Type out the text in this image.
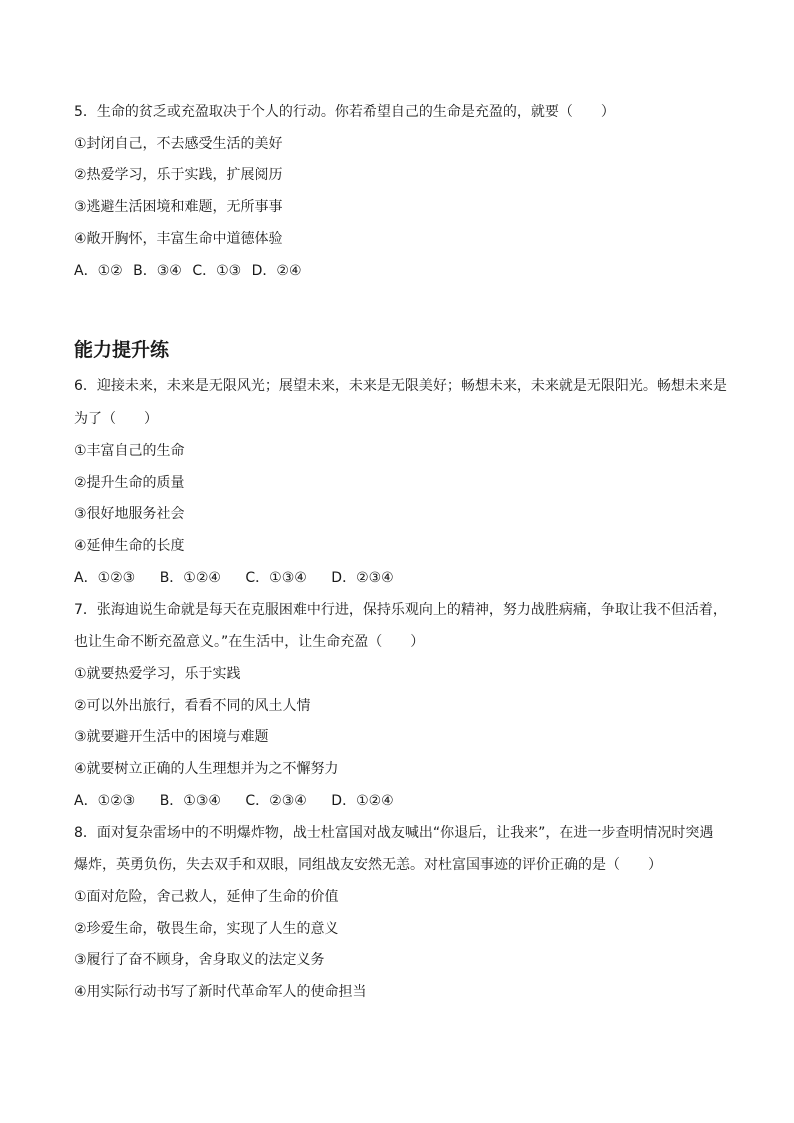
5．生命的贫乏或充盈取决于个人的行动。你若希望自己的生命是充盈的，就要（　　）
①封闭自己，不去感受生活的美好
②热爱学习，乐于实践，扩展阅历
③逃避生活困境和难题，无所事事
④敞开胸怀，丰富生命中道德体验
A．①② B．③④ C．①③ D．②④
能力提升练
6．迎接未来，未来是无限风光；展望未来，未来是无限美好；畅想未来，未来就是无限阳光。畅想未来是
为了（　　）
①丰富自己的生命
②提升生命的质量
③很好地服务社会
④延伸生命的长度
A．①②③ B．①②④ C．①③④ D．②③④
7．张海迪说生命就是每天在克服困难中行进，保持乐观向上的精神，努力战胜病痛，争取让我不但活着，
也让生命不断充盈意义。”在生活中，让生命充盈（　　）
①就要热爱学习，乐于实践
②可以外出旅行，看看不同的风土人情
③就要避开生活中的困境与难题
④就要树立正确的人生理想并为之不懈努力
A．①②③ B．①③④ C．②③④ D．①②④
8．面对复杂雷场中的不明爆炸物，战士杜富国对战友喊出“你退后，让我来”，在进一步查明情况时突遇
爆炸，英勇负伤，失去双手和双眼，同组战友安然无恙。对杜富国事迹的评价正确的是（　　）
①面对危险，舍己救人，延伸了生命的价值
②珍爱生命，敬畏生命，实现了人生的意义
③履行了奋不顾身，舍身取义的法定义务
④用实际行动书写了新时代革命军人的使命担当
